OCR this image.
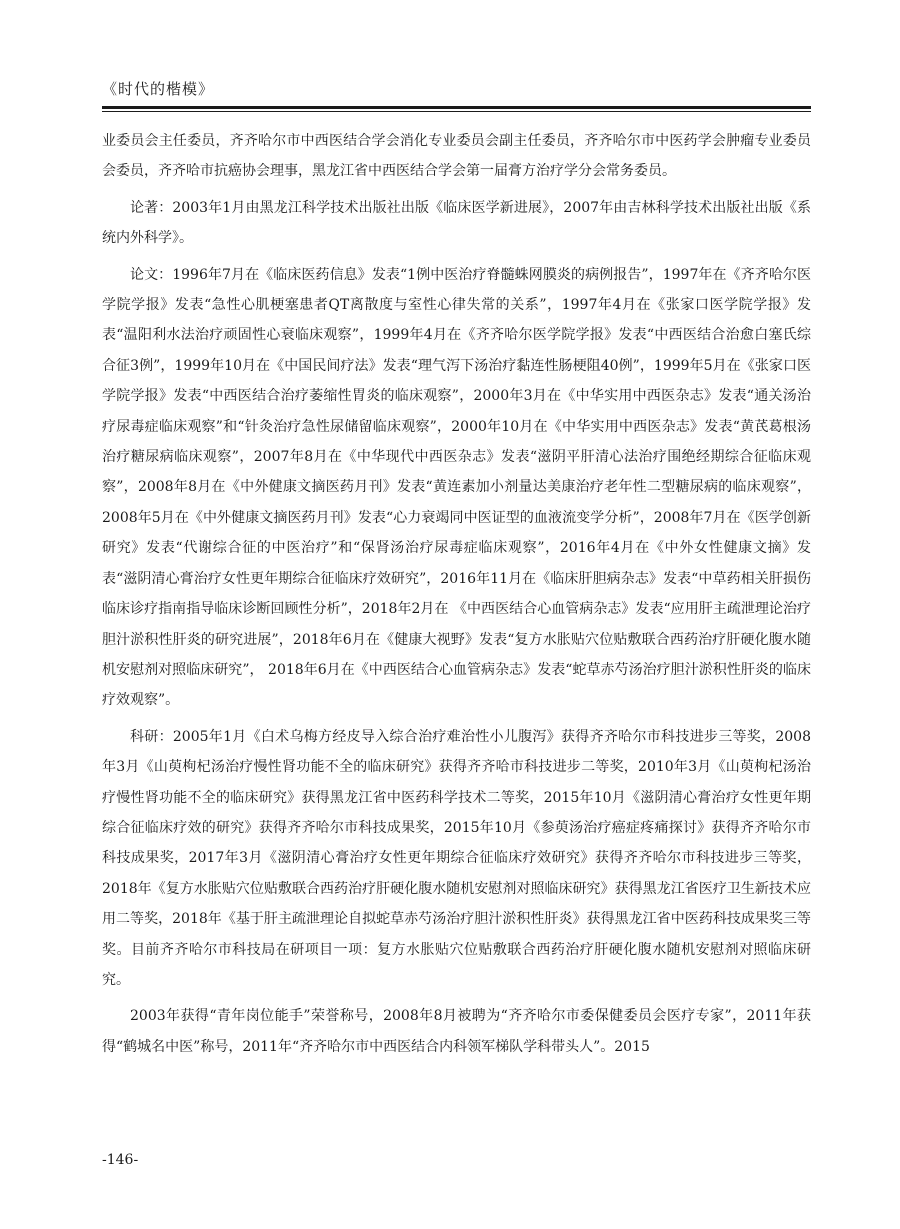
《时代的楷模》

业委员会主任委员，齐齐哈尔市中西医结合学会消化专业委员会副主任委员，齐齐哈尔市中医药学会肿瘤专业委员会委员，齐齐哈市抗癌协会理事，黑龙江省中西医结合学会第一届膏方治疗学分会常务委员。

论著：2003年1月由黑龙江科学技术出版社出版《临床医学新进展》，2007年由吉林科学技术出版社出版《系统内外科学》。

论文：1996年7月在《临床医药信息》发表“1例中医治疗脊髓蛛网膜炎的病例报告”，1997年在《齐齐哈尔医学院学报》发表“急性心肌梗塞患者QT离散度与室性心律失常的关系”，1997年4月在《张家口医学院学报》发表“温阳利水法治疗顽固性心衰临床观察”，1999年4月在《齐齐哈尔医学院学报》发表“中西医结合治愈白塞氏综合征3例”，1999年10月在《中国民间疗法》发表“理气泻下汤治疗黏连性肠梗阻40例”，1999年5月在《张家口医学院学报》发表“中西医结合治疗萎缩性胃炎的临床观察”，2000年3月在《中华实用中西医杂志》发表“通关汤治疗尿毒症临床观察”和“针灸治疗急性尿储留临床观察”，2000年10月在《中华实用中西医杂志》发表“黄芪葛根汤治疗糖尿病临床观察”，2007年8月在《中华现代中西医杂志》发表“滋阴平肝清心法治疗围绝经期综合征临床观察”，2008年8月在《中外健康文摘医药月刊》发表“黄连素加小剂量达美康治疗老年性二型糖尿病的临床观察”，2008年5月在《中外健康文摘医药月刊》发表“心力衰竭同中医证型的血液流变学分析”，2008年7月在《医学创新研究》发表“代谢综合征的中医治疗”和“保肾汤治疗尿毒症临床观察”，2016年4月在《中外女性健康文摘》发表“滋阴清心膏治疗女性更年期综合征临床疗效研究”，2016年11月在《临床肝胆病杂志》发表“中草药相关肝损伤临床诊疗指南指导临床诊断回顾性分析”，2018年2月在 《中西医结合心血管病杂志》发表“应用肝主疏泄理论治疗胆汁淤积性肝炎的研究进展”，2018年6月在《健康大视野》发表“复方水胀贴穴位贴敷联合西药治疗肝硬化腹水随机安慰剂对照临床研究”， 2018年6月在《中西医结合心血管病杂志》发表“蛇草赤芍汤治疗胆汁淤积性肝炎的临床疗效观察”。

科研：2005年1月《白术乌梅方经皮导入综合治疗难治性小儿腹泻》获得齐齐哈尔市科技进步三等奖，2008年3月《山萸枸杞汤治疗慢性肾功能不全的临床研究》获得齐齐哈市科技进步二等奖，2010年3月《山萸枸杞汤治疗慢性肾功能不全的临床研究》获得黑龙江省中医药科学技术二等奖，2015年10月《滋阴清心膏治疗女性更年期综合征临床疗效的研究》获得齐齐哈尔市科技成果奖，2015年10月《参萸汤治疗癌症疼痛探讨》获得齐齐哈尔市科技成果奖，2017年3月《滋阴清心膏治疗女性更年期综合征临床疗效研究》获得齐齐哈尔市科技进步三等奖，2018年《复方水胀贴穴位贴敷联合西药治疗肝硬化腹水随机安慰剂对照临床研究》获得黑龙江省医疗卫生新技术应用二等奖，2018年《基于肝主疏泄理论自拟蛇草赤芍汤治疗胆汁淤积性肝炎》获得黑龙江省中医药科技成果奖三等奖。目前齐齐哈尔市科技局在研项目一项：复方水胀贴穴位贴敷联合西药治疗肝硬化腹水随机安慰剂对照临床研究。

2003年获得“青年岗位能手”荣誉称号，2008年8月被聘为“齐齐哈尔市委保健委员会医疗专家”，2011年获得“鹤城名中医”称号，2011年“齐齐哈尔市中西医结合内科领军梯队学科带头人”。2015

-146-
